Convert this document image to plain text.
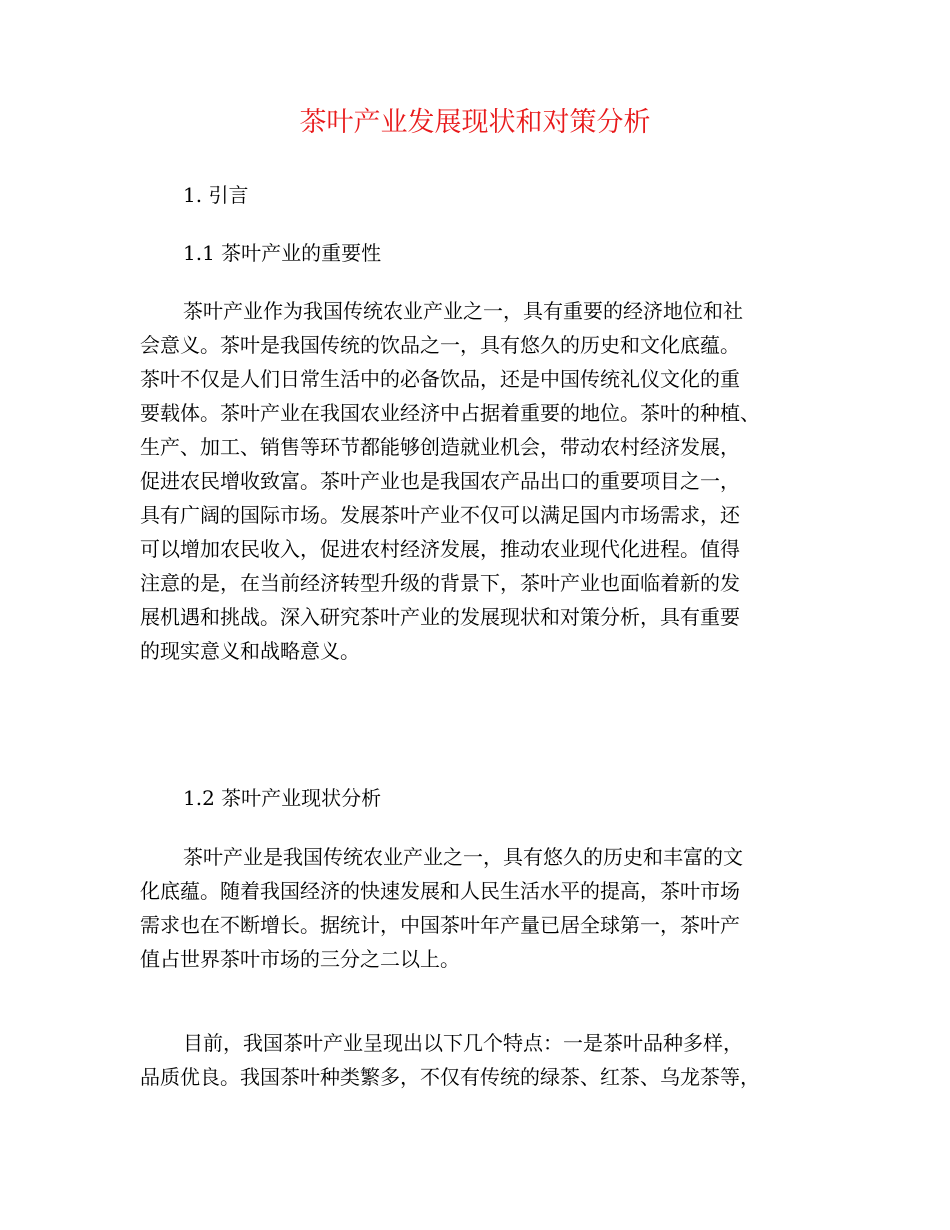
茶叶产业发展现状和对策分析
1. 引言
1.1 茶叶产业的重要性
茶叶产业作为我国传统农业产业之一，具有重要的经济地位和社
会意义。茶叶是我国传统的饮品之一，具有悠久的历史和文化底蕴。
茶叶不仅是人们日常生活中的必备饮品，还是中国传统礼仪文化的重
要载体。茶叶产业在我国农业经济中占据着重要的地位。茶叶的种植、
生产、加工、销售等环节都能够创造就业机会，带动农村经济发展，
促进农民增收致富。茶叶产业也是我国农产品出口的重要项目之一，
具有广阔的国际市场。发展茶叶产业不仅可以满足国内市场需求，还
可以增加农民收入，促进农村经济发展，推动农业现代化进程。值得
注意的是，在当前经济转型升级的背景下，茶叶产业也面临着新的发
展机遇和挑战。深入研究茶叶产业的发展现状和对策分析，具有重要
的现实意义和战略意义。
1.2 茶叶产业现状分析
茶叶产业是我国传统农业产业之一，具有悠久的历史和丰富的文
化底蕴。随着我国经济的快速发展和人民生活水平的提高，茶叶市场
需求也在不断增长。据统计，中国茶叶年产量已居全球第一，茶叶产
值占世界茶叶市场的三分之二以上。
目前，我国茶叶产业呈现出以下几个特点：一是茶叶品种多样，
品质优良。我国茶叶种类繁多，不仅有传统的绿茶、红茶、乌龙茶等，
